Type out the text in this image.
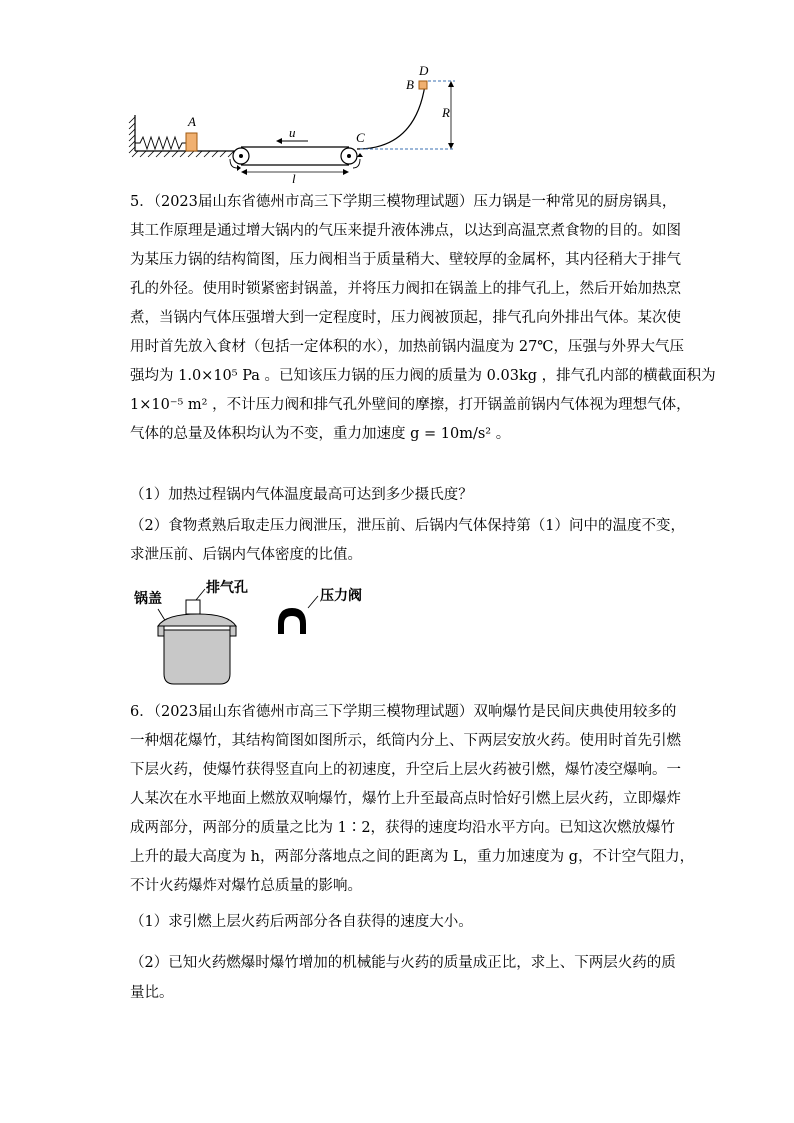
A
u
l
C
B
D
R
5．（2023届山东省德州市高三下学期三模物理试题）压力锅是一种常见的厨房锅具，
其工作原理是通过增大锅内的气压来提升液体沸点，以达到高温烹煮食物的目的。如图
为某压力锅的结构简图，压力阀相当于质量稍大、壁较厚的金属杯，其内径稍大于排气
孔的外径。使用时锁紧密封锅盖，并将压力阀扣在锅盖上的排气孔上，然后开始加热烹
煮，当锅内气体压强增大到一定程度时，压力阀被顶起，排气孔向外排出气体。某次使
用时首先放入食材（包括一定体积的水），加热前锅内温度为 27℃，压强与外界大气压
强均为 1.0×10⁵ Pa 。已知该压力锅的压力阀的质量为 0.03kg ，排气孔内部的横截面积为
1×10⁻⁵ m² ，不计压力阀和排气孔外壁间的摩擦，打开锅盖前锅内气体视为理想气体，
气体的总量及体积均认为不变，重力加速度 g = 10m/s² 。
（1）加热过程锅内气体温度最高可达到多少摄氏度？
（2）食物煮熟后取走压力阀泄压，泄压前、后锅内气体保持第（1）问中的温度不变，
求泄压前、后锅内气体密度的比值。
锅盖
排气孔	压力阀
6．（2023届山东省德州市高三下学期三模物理试题）双响爆竹是民间庆典使用较多的
一种烟花爆竹，其结构简图如图所示，纸筒内分上、下两层安放火药。使用时首先引燃
下层火药，使爆竹获得竖直向上的初速度，升空后上层火药被引燃，爆竹凌空爆响。一
人某次在水平地面上燃放双响爆竹，爆竹上升至最高点时恰好引燃上层火药，立即爆炸
成两部分，两部分的质量之比为 1∶2，获得的速度均沿水平方向。已知这次燃放爆竹
上升的最大高度为 h，两部分落地点之间的距离为 L，重力加速度为 g，不计空气阻力，
不计火药爆炸对爆竹总质量的影响。
（1）求引燃上层火药后两部分各自获得的速度大小。
（2）已知火药燃爆时爆竹增加的机械能与火药的质量成正比，求上、下两层火药的质
量比。
